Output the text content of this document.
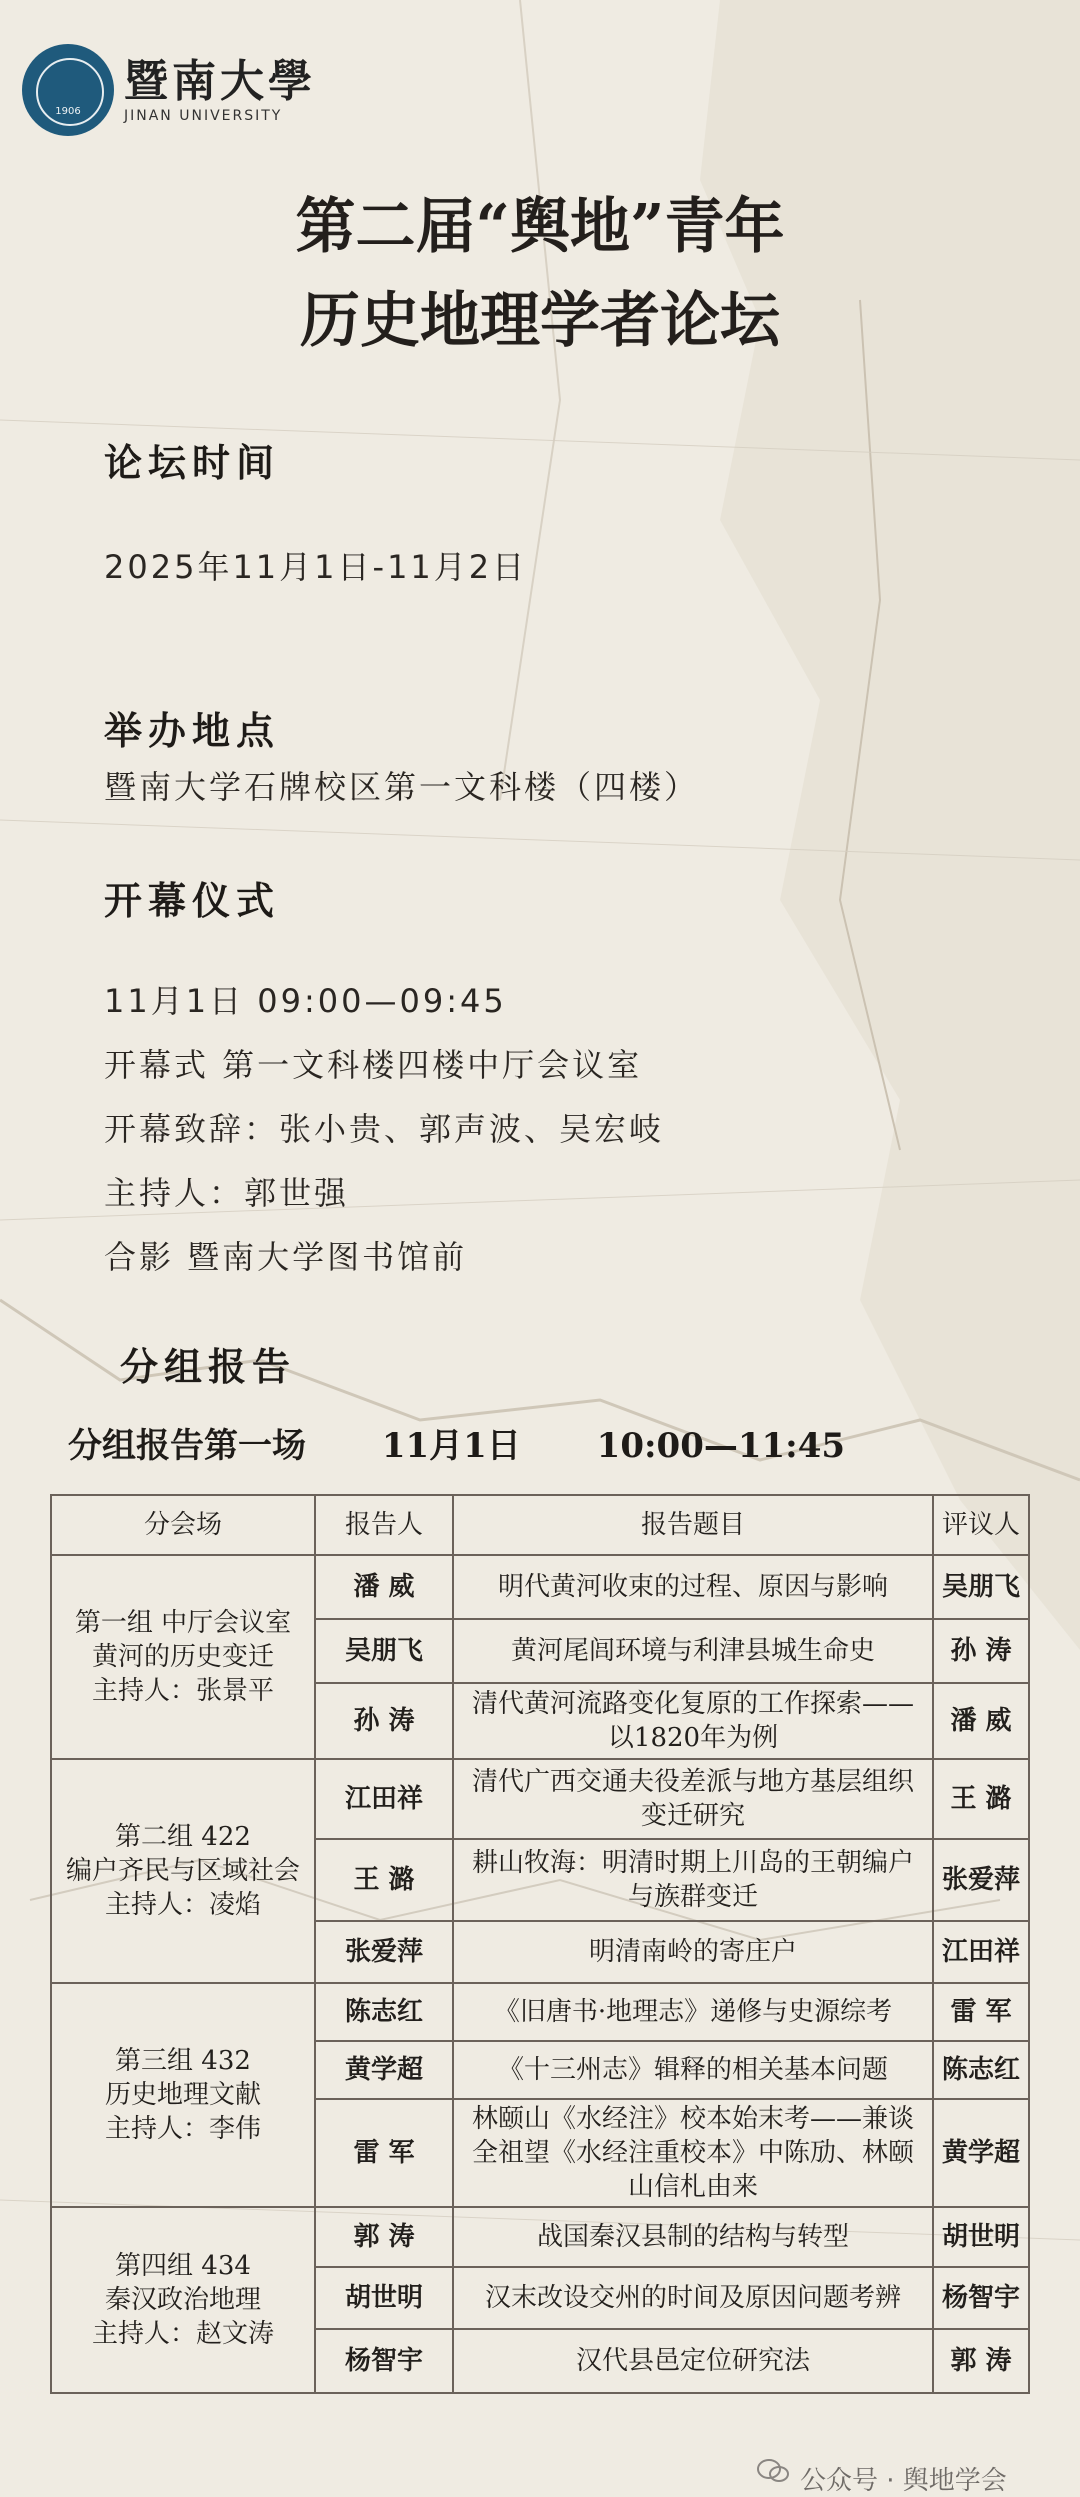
1906
暨南大學
JINAN UNIVERSITY
第二届“舆地”青年
历史地理学者论坛
论坛时间
2025年11月1日-11月2日
举办地点
暨南大学石牌校区第一文科楼（四楼）
开幕仪式
11月1日 09:00—09:45
开幕式 第一文科楼四楼中厅会议室
开幕致辞：张小贵、郭声波、吴宏岐
主持人：郭世强
合影 暨南大学图书馆前
分组报告
分组报告第一场 11月1日 10:00—11:45
分会场	报告人	报告题目	评议人

第一组 中厅会议室
黄河的历史变迁
主持人：张景平	潘 威	明代黄河收束的过程、原因与影响	吴朋飞
	吴朋飞	黄河尾闾环境与利津县城生命史	孙 涛
	孙 涛	清代黄河流路变化复原的工作探索——以1820年为例	潘 威

第二组 422
编户齐民与区域社会
主持人：凌焰	江田祥	清代广西交通夫役差派与地方基层组织变迁研究	王 潞
	王 潞	耕山牧海：明清时期上川岛的王朝编户与族群变迁	张爱萍
	张爱萍	明清南岭的寄庄户	江田祥

第三组 432
历史地理文献
主持人：李伟	陈志红	《旧唐书·地理志》递修与史源综考	雷 军
	黄学超	《十三州志》辑释的相关基本问题	陈志红
	雷 军	林颐山《水经注》校本始末考——兼谈全祖望《水经注重校本》中陈劢、林颐山信札由来	黄学超

第四组 434
秦汉政治地理
主持人：赵文涛	郭 涛	战国秦汉县制的结构与转型	胡世明
	胡世明	汉末改设交州的时间及原因问题考辨	杨智宇
	杨智宇	汉代县邑定位研究法	郭 涛
公众号 · 舆地学会
